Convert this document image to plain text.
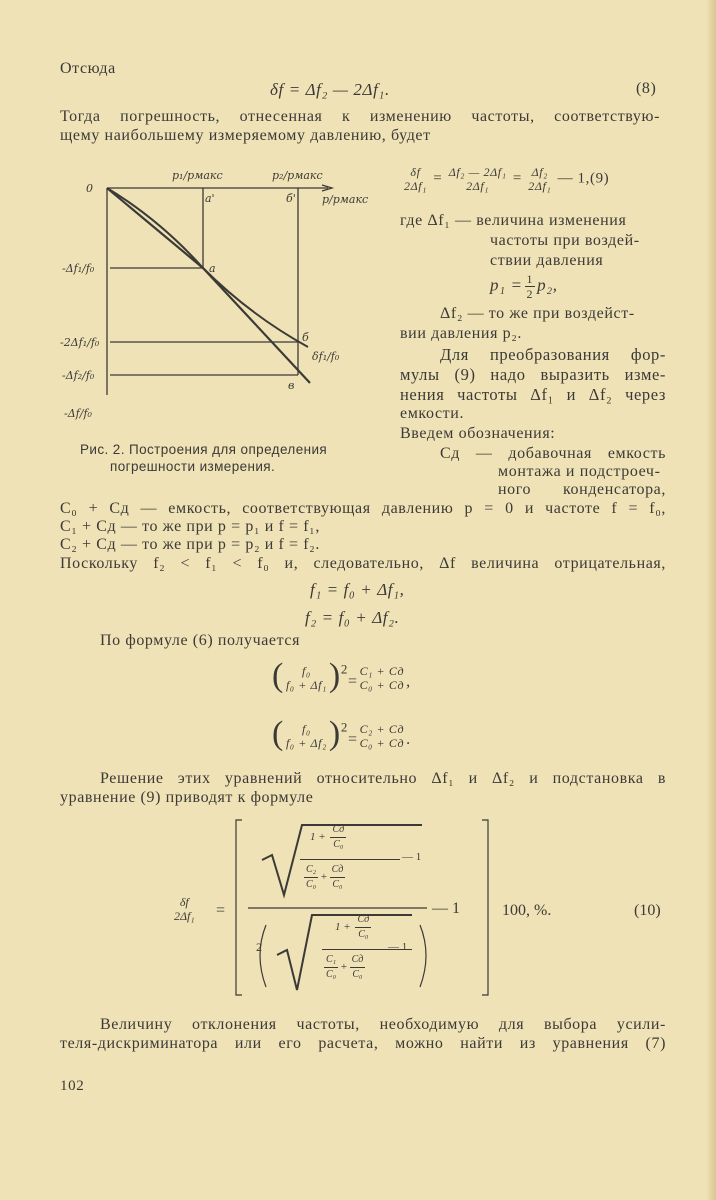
Отсюда
δf = Δf₂ — 2Δf₁.	(8)
Тогда погрешность, отнесенная к изменению частоты, соответствую-
щему наибольшему измеряемому давлению, будет
0
p₁/pмакс	p₂/pмакс
p/pмакс
a'	б'
a
б
в
-Δf₁/f₀
-2Δf₁/f₀
-Δf₂/f₀
-Δf/f₀
δf₁/f₀
Рис. 2. Построения для определения
погрешности измерения.
δf
2Δf₁ = Δf₂ — 2Δf₁
2Δf₁ = Δf₂
2Δf₁ — 1,(9)
где Δf₁ — величина изменения
частоты при воздей-
ствии давления
$p_1 = \frac{1}{2} p_2$,
Δf₂ — то же при воздейст-
вии давления p₂.
Для преобразования фор-
мулы (9) надо выразить изме-
нения частоты Δf₁ и Δf₂ через
емкости.
Введем обозначения:
Cд — добавочная емкость
монтажа и подстроеч-
ного конденсатора,
C₀ + Cд — емкость, соответствующая давлению p = 0 и частоте f = f₀,
C₁ + Cд — то же при p = p₁ и f = f₁,
C₂ + Cд — то же при p = p₂ и f = f₂.
Поскольку f₂ < f₁ < f₀ и, следовательно, Δf величина отрицательная,
f₁ = f₀ + Δf₁,
f₂ = f₀ + Δf₂.
По формуле (6) получается
( f₀
f₀ + Δf₁ )$^2$=
C₁ + Cд
C₀ + Cд ,
( f₀
f₀ + Δf₂ )$^2$=
C₂ + Cд
C₀ + Cд .
Решение этих уравнений относительно Δf₁ и Δf₂ и подстановка в
уравнение (9) приводят к формуле
δf
2Δf₁ =
1 +
Cд
C₀
— 1
$\frac{\text{C₂}}{\text{C₀}}$ +
Cд
C₀
2
1 +
Cд
C₀
— 1
$\frac{\text{C₁}}{\text{C₀}}$ +
Cд
C₀
— 1	100, %.	(10)
Величину отклонения частоты, необходимую для выбора усили-
теля-дискриминатора или его расчета, можно найти из уравнения (7)
102
